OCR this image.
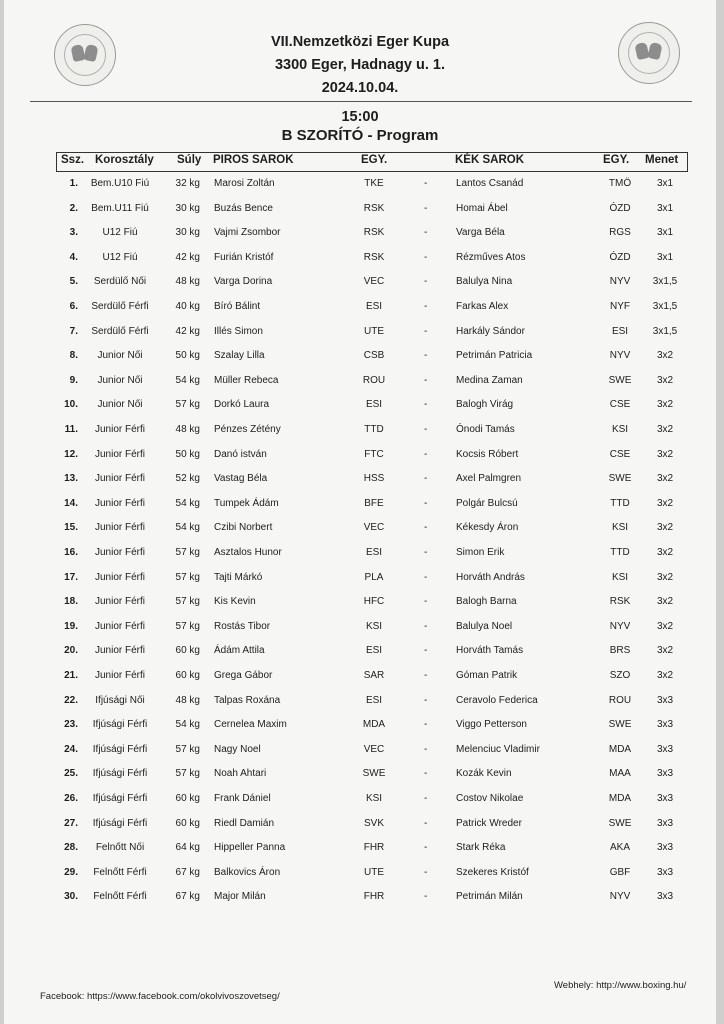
VII.Nemzetközi Eger Kupa
3300 Eger, Hadnagy u. 1.
2024.10.04.
15:00
B SZORÍTÓ - Program
Ssz. Korosztály Súly PIROS SAROK	EGY.	KÉK SAROK	EGY. Menet
1.	Bem.U10 Fiú	32 kg Marosi Zoltán	TKE	-	Lantos Csanád	TMÖ	3x1
2.	Bem.U11 Fiú	30 kg Buzás Bence	RSK	-	Homai Ábel	ÓZD	3x1
3.	U12 Fiú	30 kg Vajmi Zsombor	RSK	-	Varga Béla	RGS	3x1
4.	U12 Fiú	42 kg Furián Kristóf	RSK	-	Rézműves Atos	ÓZD	3x1
5.	Serdülő Női	48 kg Varga Dorina	VEC	-	Balulya Nina	NYV	3x1,5
6.	Serdülő Férfi	40 kg Bíró Bálint	ESI	-	Farkas Alex	NYF	3x1,5
7.	Serdülő Férfi	42 kg Illés Simon	UTE	-	Harkály Sándor	ESI	3x1,5
8.	Junior Női	50 kg Szalay Lilla	CSB	-	Petrimán Patricia	NYV	3x2
9.	Junior Női	54 kg Müller Rebeca	ROU	-	Medina Zaman	SWE	3x2
10.	Junior Női	57 kg Dorkó Laura	ESI	-	Balogh Virág	CSE	3x2
11.	Junior Férfi	48 kg Pénzes Zétény	TTD	-	Ónodi Tamás	KSI	3x2
12.	Junior Férfi	50 kg Danó istván	FTC	-	Kocsis Róbert	CSE	3x2
13.	Junior Férfi	52 kg Vastag Béla	HSS	-	Axel Palmgren	SWE	3x2
14.	Junior Férfi	54 kg Tumpek Ádám	BFE	-	Polgár Bulcsú	TTD	3x2
15.	Junior Férfi	54 kg Czibi Norbert	VEC	-	Kékesdy Áron	KSI	3x2
16.	Junior Férfi	57 kg Asztalos Hunor	ESI	-	Simon Erik	TTD	3x2
17.	Junior Férfi	57 kg Tajti Márkó	PLA	-	Horváth András	KSI	3x2
18.	Junior Férfi	57 kg Kis Kevin	HFC	-	Balogh Barna	RSK	3x2
19.	Junior Férfi	57 kg Rostás Tibor	KSI	-	Balulya Noel	NYV	3x2
20.	Junior Férfi	60 kg Ádám Attila	ESI	-	Horváth Tamás	BRS	3x2
21.	Junior Férfi	60 kg Grega Gábor	SAR	-	Góman Patrik	SZO	3x2
22.	Ifjúsági Női	48 kg Talpas Roxána	ESI	-	Ceravolo Federica	ROU	3x3
23.	Ifjúsági Férfi	54 kg Cernelea Maxim	MDA	-	Viggo Petterson	SWE	3x3
24.	Ifjúsági Férfi	57 kg Nagy Noel	VEC	-	Melenciuc Vladimir	MDA	3x3
25.	Ifjúsági Férfi	57 kg Noah Ahtari	SWE	-	Kozák Kevin	MAA	3x3
26.	Ifjúsági Férfi	60 kg Frank Dániel	KSI	-	Costov Nikolae	MDA	3x3
27.	Ifjúsági Férfi	60 kg Riedl Damián	SVK	-	Patrick Wreder	SWE	3x3
28.	Felnőtt Női	64 kg Hippeller Panna	FHR	-	Stark Réka	AKA	3x3
29.	Felnőtt Férfi	67 kg Balkovics Áron	UTE	-	Szekeres Kristóf	GBF	3x3
30.	Felnőtt Férfi	67 kg Major Milán	FHR	-	Petrimán Milán	NYV	3x3
Facebook: https://www.facebook.com/okolvivoszovetseg/
Webhely: http://www.boxing.hu/
